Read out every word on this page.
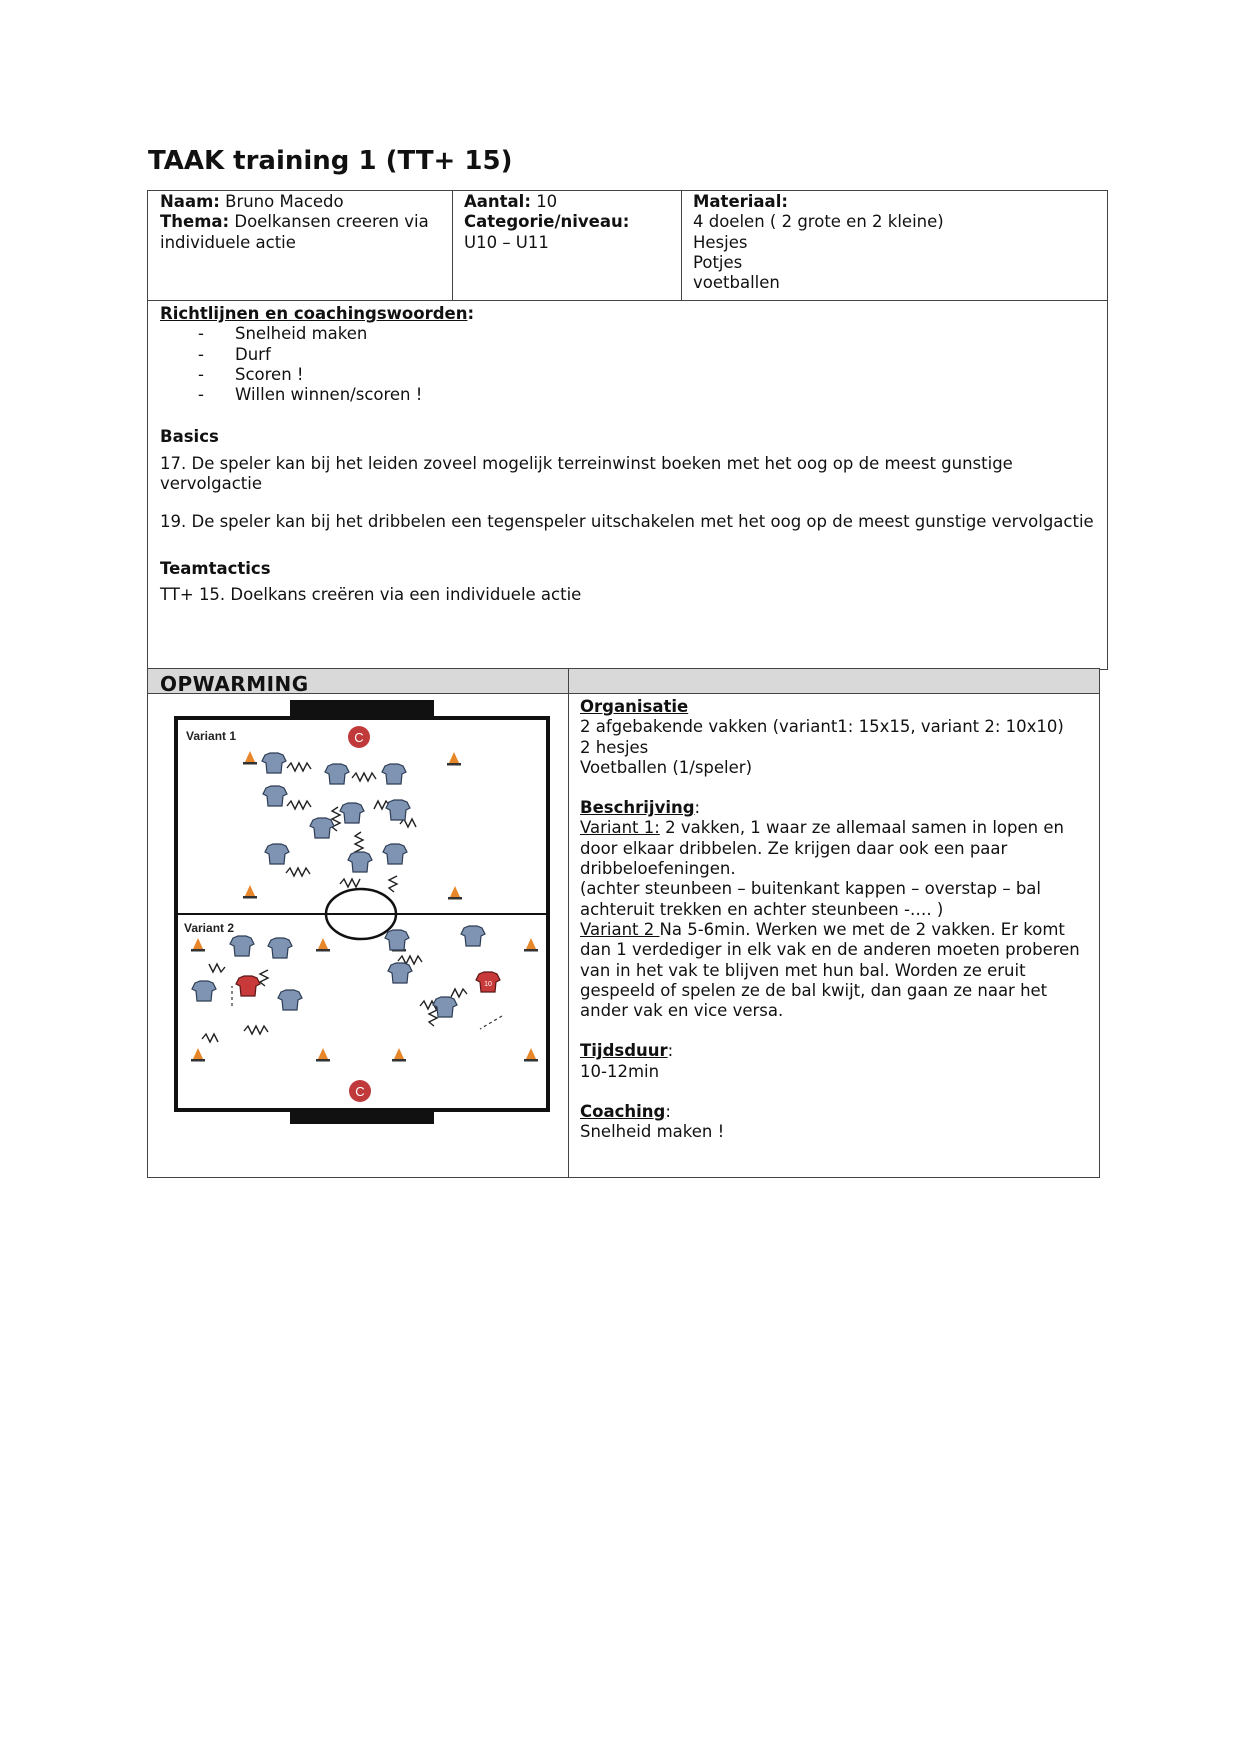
TAAK training 1 (TT+ 15)
Naam: Bruno Macedo
Thema: Doelkansen creeren via individuele actie
Aantal: 10
Categorie/niveau:
U10 – U11
Materiaal:
4 doelen ( 2 grote en 2 kleine)
Hesjes
Potjes
voetballen
Richtlijnen en coachingswoorden:
-	Snelheid maken
-	Durf
-	Scoren !
-	Willen winnen/scoren !
Basics

17. De speler kan bij het leiden zoveel mogelijk terreinwinst boeken met het oog op de meest gunstige vervolgactie

19. De speler kan bij het dribbelen een tegenspeler uitschakelen met het oog op de meest gunstige vervolgactie

Teamtactics

TT+ 15. Doelkans creëren via een individuele actie

OPWARMING
Variant 1
Variant 2
C
C
10
Organisatie
2 afgebakende vakken (variant1: 15x15, variant 2: 10x10)
2 hesjes
Voetballen (1/speler)
Beschrijving:
Variant 1: 2 vakken, 1 waar ze allemaal samen in lopen en door elkaar dribbelen. Ze krijgen daar ook een paar dribbeloefeningen.
(achter steunbeen – buitenkant kappen – overstap – bal achteruit trekken en achter steunbeen -…. )
Variant 2 Na 5-6min. Werken we met de 2 vakken. Er komt dan 1 verdediger in elk vak en de anderen moeten proberen van in het vak te blijven met hun bal. Worden ze eruit gespeeld of spelen ze de bal kwijt, dan gaan ze naar het ander vak en vice versa.
Tijdsduur:
10-12min
Coaching:
Snelheid maken !
